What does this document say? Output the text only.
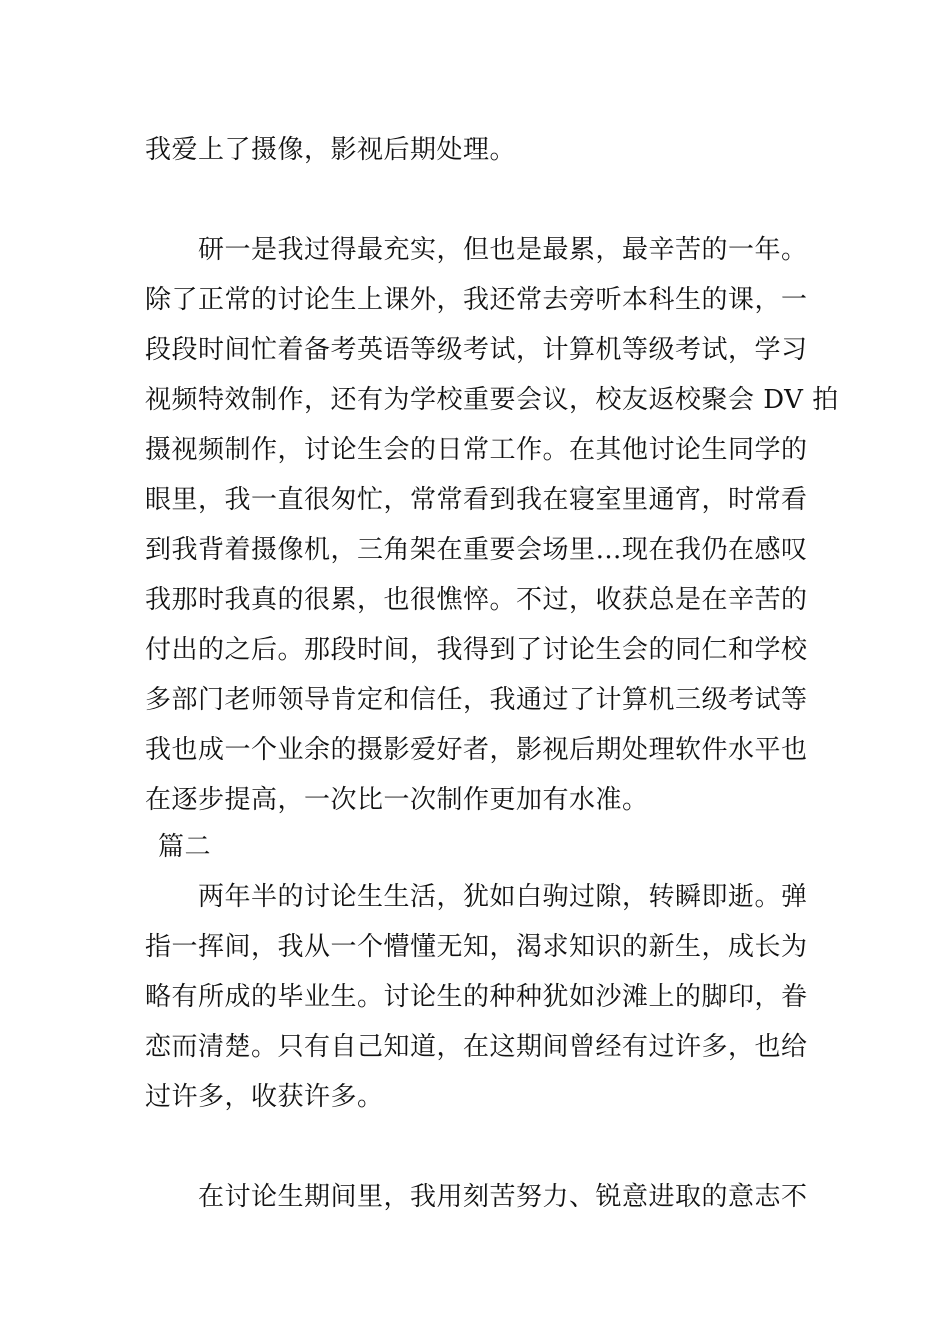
我爱上了摄像，影视后期处理。
研一是我过得最充实，但也是最累，最辛苦的一年。
除了正常的讨论生上课外，我还常去旁听本科生的课，一
段段时间忙着备考英语等级考试，计算机等级考试，学习
视频特效制作，还有为学校重要会议，校友返校聚会 DV 拍
摄视频制作，讨论生会的日常工作。在其他讨论生同学的
眼里，我一直很匆忙，常常看到我在寝室里通宵，时常看
到我背着摄像机，三角架在重要会场里…现在我仍在感叹
我那时我真的很累，也很憔悴。不过，收获总是在辛苦的
付出的之后。那段时间，我得到了讨论生会的同仁和学校
多部门老师领导肯定和信任，我通过了计算机三级考试等
我也成一个业余的摄影爱好者，影视后期处理软件水平也
在逐步提高，一次比一次制作更加有水准。
篇二
两年半的讨论生生活，犹如白驹过隙，转瞬即逝。弹
指一挥间，我从一个懵懂无知，渴求知识的新生，成长为
略有所成的毕业生。讨论生的种种犹如沙滩上的脚印，眷
恋而清楚。只有自己知道，在这期间曾经有过许多，也给
过许多，收获许多。
在讨论生期间里，我用刻苦努力、锐意进取的意志不
